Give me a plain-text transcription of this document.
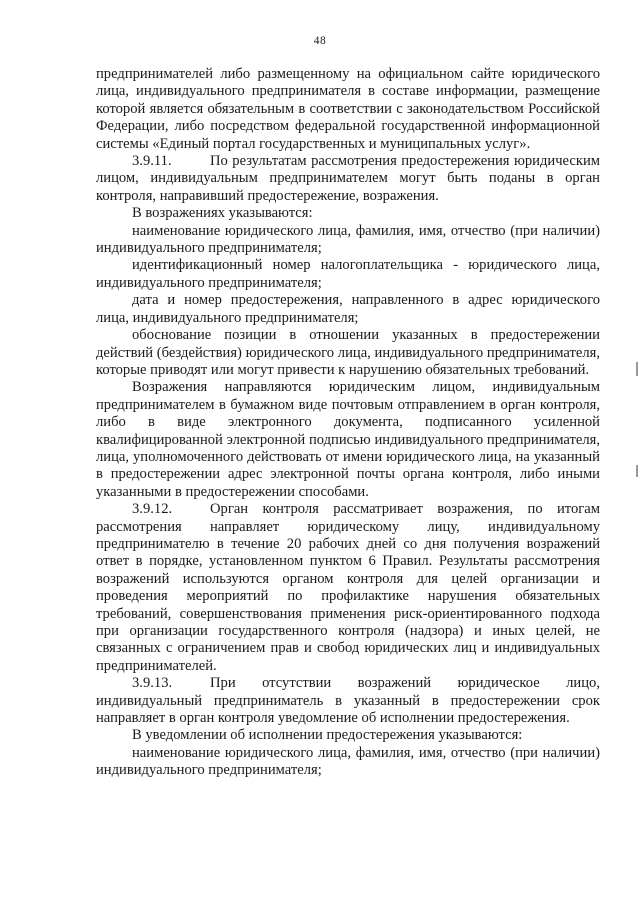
48

предпринимателей либо размещенному на официальном сайте юридического лица, индивидуального предпринимателя в составе информации, размещение которой является обязательным в соответствии с законодательством Российской Федерации, либо посредством федеральной государственной информационной системы «Единый портал государственных и муниципальных услуг».

3.9.11.	По результатам рассмотрения предостережения юридическим лицом, индивидуальным предпринимателем могут быть поданы в орган контроля, направивший предостережение, возражения.

В возражениях указываются:

наименование юридического лица, фамилия, имя, отчество (при наличии) индивидуального предпринимателя;

идентификационный номер налогоплательщика - юридического лица, индивидуального предпринимателя;

дата и номер предостережения, направленного в адрес юридического лица, индивидуального предпринимателя;

обоснование позиции в отношении указанных в предостережении действий (бездействия) юридического лица, индивидуального предпринимателя, которые приводят или могут привести к нарушению обязательных требований.

Возражения направляются юридическим лицом, индивидуальным предпринимателем в бумажном виде почтовым отправлением в орган контроля, либо в виде электронного документа, подписанного усиленной квалифицированной электронной подписью индивидуального предпринимателя, лица, уполномоченного действовать от имени юридического лица, на указанный в предостережении адрес электронной почты органа контроля, либо иными указанными в предостережении способами.

3.9.12.	Орган контроля рассматривает возражения, по итогам рассмотрения направляет юридическому лицу, индивидуальному предпринимателю в течение 20 рабочих дней со дня получения возражений ответ в порядке, установленном пунктом 6 Правил. Результаты рассмотрения возражений используются органом контроля для целей организации и проведения мероприятий по профилактике нарушения обязательных требований, совершенствования применения риск-ориентированного подхода при организации государственного контроля (надзора) и иных целей, не связанных с ограничением прав и свобод юридических лиц и индивидуальных предпринимателей.

3.9.13.	При отсутствии возражений юридическое лицо, индивидуальный предприниматель в указанный в предостережении срок направляет в орган контроля уведомление об исполнении предостережения.

В уведомлении об исполнении предостережения указываются:

наименование юридического лица, фамилия, имя, отчество (при наличии) индивидуального предпринимателя;
